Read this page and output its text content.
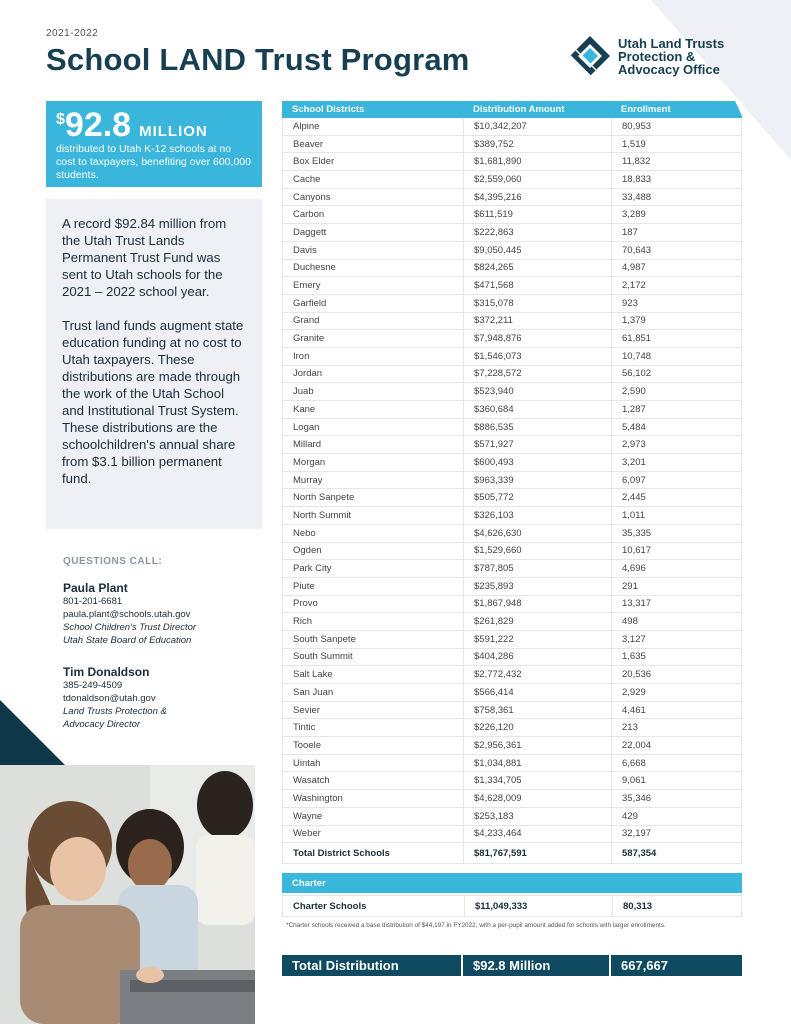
2021-2022
School LAND Trust Program	Utah Land Trusts
Protection &
Advocacy Office
$ 92.8 MILLION
distributed to Utah K-12 schools at no cost to taxpayers, benefiting over 600,000 students.

A record $92.84 million from the Utah Trust Lands Permanent Trust Fund was sent to Utah schools for the 2021 – 2022 school year.

Trust land funds augment state education funding at no cost to Utah taxpayers. These distributions are made through the work of the Utah School and Institutional Trust System. These distributions are the schoolchildren's annual share from $3.1 billion permanent fund.

QUESTIONS CALL:
Paula Plant
801-201-6681
paula.plant@schools.utah.gov
School Children's Trust Director
Utah State Board of Education
Tim Donaldson
385-249-4509
tdonaldson@utah.gov
Land Trusts Protection &
Advocacy Director
School Districts	Distribution Amount	Enrollment
Alpine	$10,342,207	80,953
Beaver	$389,752	1,519
Box Elder	$1,681,890	11,832
Cache	$2,559,060	18,833
Canyons	$4,395,216	33,488
Carbon	$611,519	3,289
Daggett	$222,863	187
Davis	$9,050,445	70,643
Duchesne	$824,265	4,987
Emery	$471,568	2,172
Garfield	$315,078	923
Grand	$372,211	1,379
Granite	$7,948,876	61,851
Iron	$1,546,073	10,748
Jordan	$7,228,572	56,102
Juab	$523,940	2,590
Kane	$360,684	1,287
Logan	$886,535	5,484
Millard	$571,927	2,973
Morgan	$600,493	3,201
Murray	$963,339	6,097
North Sanpete	$505,772	2,445
North Summit	$326,103	1,011
Nebo	$4,626,630	35,335
Ogden	$1,529,660	10,617
Park City	$787,805	4,696
Piute	$235,893	291
Provo	$1,867,948	13,317
Rich	$261,829	498
South Sanpete	$591,222	3,127
South Summit	$404,286	1,635
Salt Lake	$2,772,432	20,536
San Juan	$566,414	2,929
Sevier	$758,361	4,461
Tintic	$226,120	213
Tooele	$2,956,361	22,004
Uintah	$1,034,881	6,668
Wasatch	$1,334,705	9,061
Washington	$4,628,009	35,346
Wayne	$253,183	429
Weber	$4,233,464	32,197
Total District Schools	$81,767,591	587,354
Charter
Charter Schools	$11,049,333	80,313
*Charter schools received a base distribution of $44,197 in FY2022, with a per-pupil amount added for schools with larger enrollments.
Total Distribution	$92.8 Million	667,667
